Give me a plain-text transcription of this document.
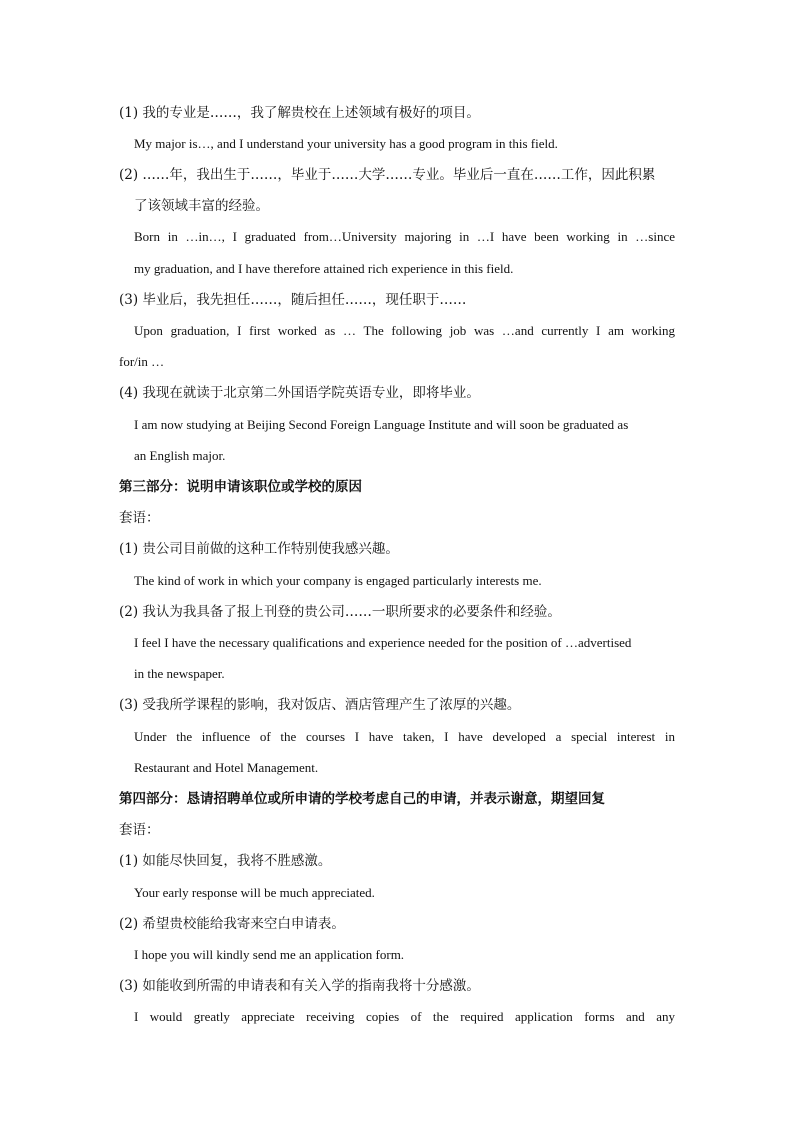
(1) 我的专业是……，我了解贵校在上述领域有极好的项目。
My major is…, and I understand your university has a good program in this field.
(2) ……年，我出生于……，毕业于……大学……专业。毕业后一直在……工作，因此积累
了该领域丰富的经验。
Born in …in…, I graduated from…University majoring in …I have been working in …since
my graduation, and I have therefore attained rich experience in this field.
(3) 毕业后，我先担任……，随后担任……，现任职于……
Upon graduation, I first worked as … The following job was …and currently I am working
for/in …
(4) 我现在就读于北京第二外国语学院英语专业，即将毕业。
I am now studying at Beijing Second Foreign Language Institute and will soon be graduated as
an English major.
第三部分：说明申请该职位或学校的原因
套语：
(1) 贵公司目前做的这种工作特别使我感兴趣。
The kind of work in which your company is engaged particularly interests me.
(2) 我认为我具备了报上刊登的贵公司……一职所要求的必要条件和经验。
I feel I have the necessary qualifications and experience needed for the position of …advertised
in the newspaper.
(3) 受我所学课程的影响，我对饭店、酒店管理产生了浓厚的兴趣。
Under the influence of the courses I have taken, I have developed a special interest in
Restaurant and Hotel Management.
第四部分：恳请招聘单位或所申请的学校考虑自己的申请，并表示谢意，期望回复
套语：
(1) 如能尽快回复，我将不胜感激。
Your early response will be much appreciated.
(2) 希望贵校能给我寄来空白申请表。
I hope you will kindly send me an application form.
(3) 如能收到所需的申请表和有关入学的指南我将十分感激。
I would greatly appreciate receiving copies of the required application forms and any
